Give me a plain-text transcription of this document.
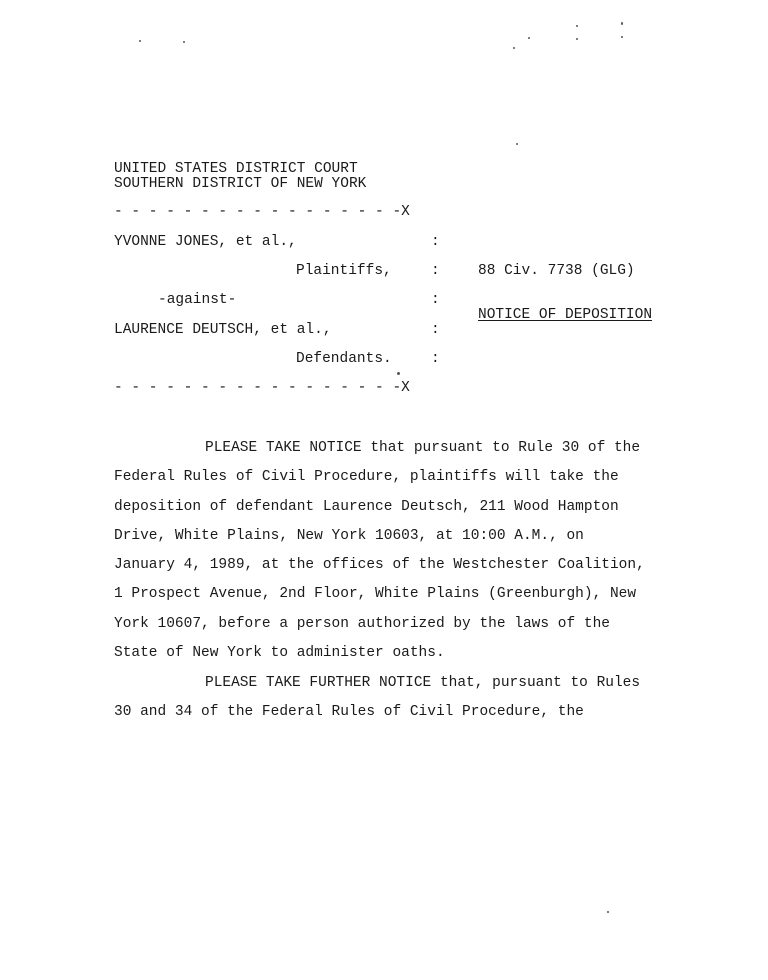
UNITED STATES DISTRICT COURT
SOUTHERN DISTRICT OF NEW YORK
- - - - - - - - - - - - - - - - -X
YVONNE JONES, et al.,	:
Plaintiffs,	:	88 Civ. 7738 (GLG)
-against-	:
NOTICE OF DEPOSITION
LAURENCE DEUTSCH, et al.,	:
Defendants.	:
- - - - - - - - - - - - - - - - -X
PLEASE TAKE NOTICE that pursuant to Rule 30 of the
Federal Rules of Civil Procedure, plaintiffs will take the
deposition of defendant Laurence Deutsch, 211 Wood Hampton
Drive, White Plains, New York 10603, at 10:00 A.M., on
January 4, 1989, at the offices of the Westchester Coalition,
1 Prospect Avenue, 2nd Floor, White Plains (Greenburgh), New
York 10607, before a person authorized by the laws of the
State of New York to administer oaths.
PLEASE TAKE FURTHER NOTICE that, pursuant to Rules
30 and 34 of the Federal Rules of Civil Procedure, the
